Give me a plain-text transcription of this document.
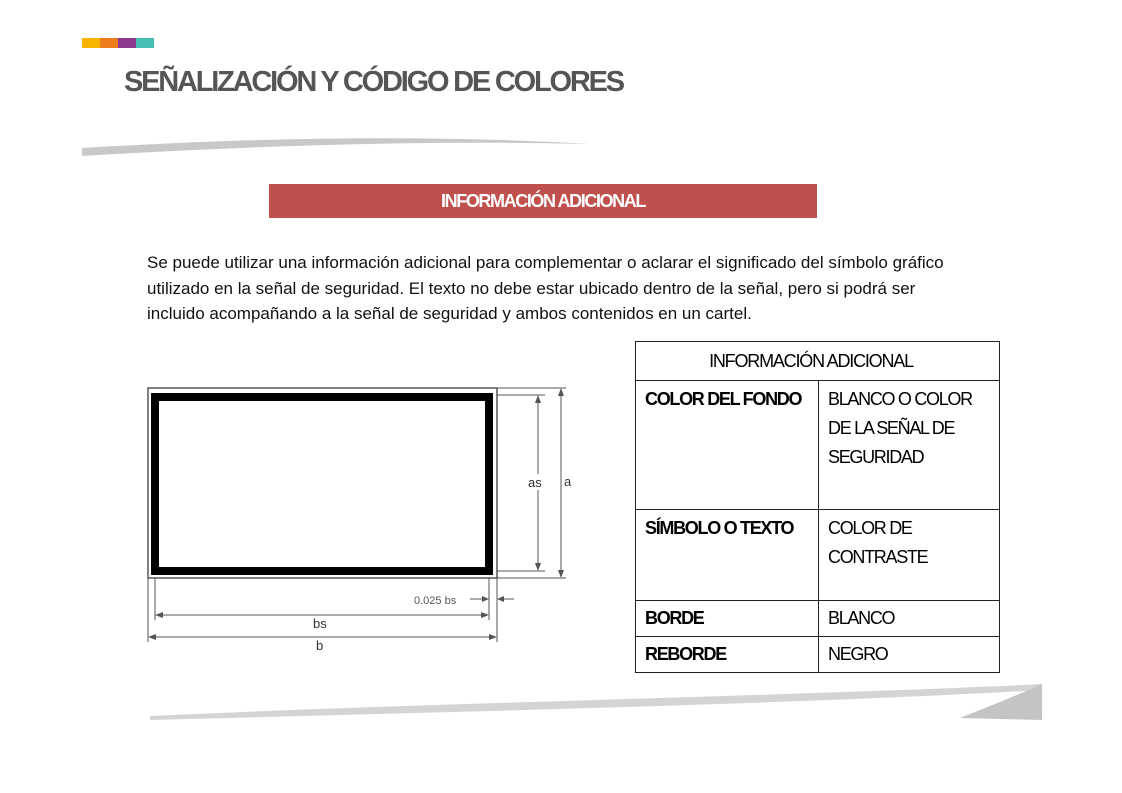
SEÑALIZACIÓN Y CÓDIGO DE COLORES
INFORMACIÓN ADICIONAL

Se puede utilizar una información adicional para complementar o aclarar el significado del símbolo gráfico utilizado en la señal de seguridad. El texto no debe estar ubicado dentro de la señal, pero si podrá ser incluido acompañando a la señal de seguridad y ambos contenidos en un cartel.

as a
0.025 bs
bs
b
INFORMACIÓN ADICIONAL	

COLOR DEL FONDO	BLANCO O COLOR DE LA SEÑAL DE SEGURIDAD

SÍMBOLO O TEXTO	COLOR DE CONTRASTE

BORDE	BLANCO
REBORDE	NEGRO
